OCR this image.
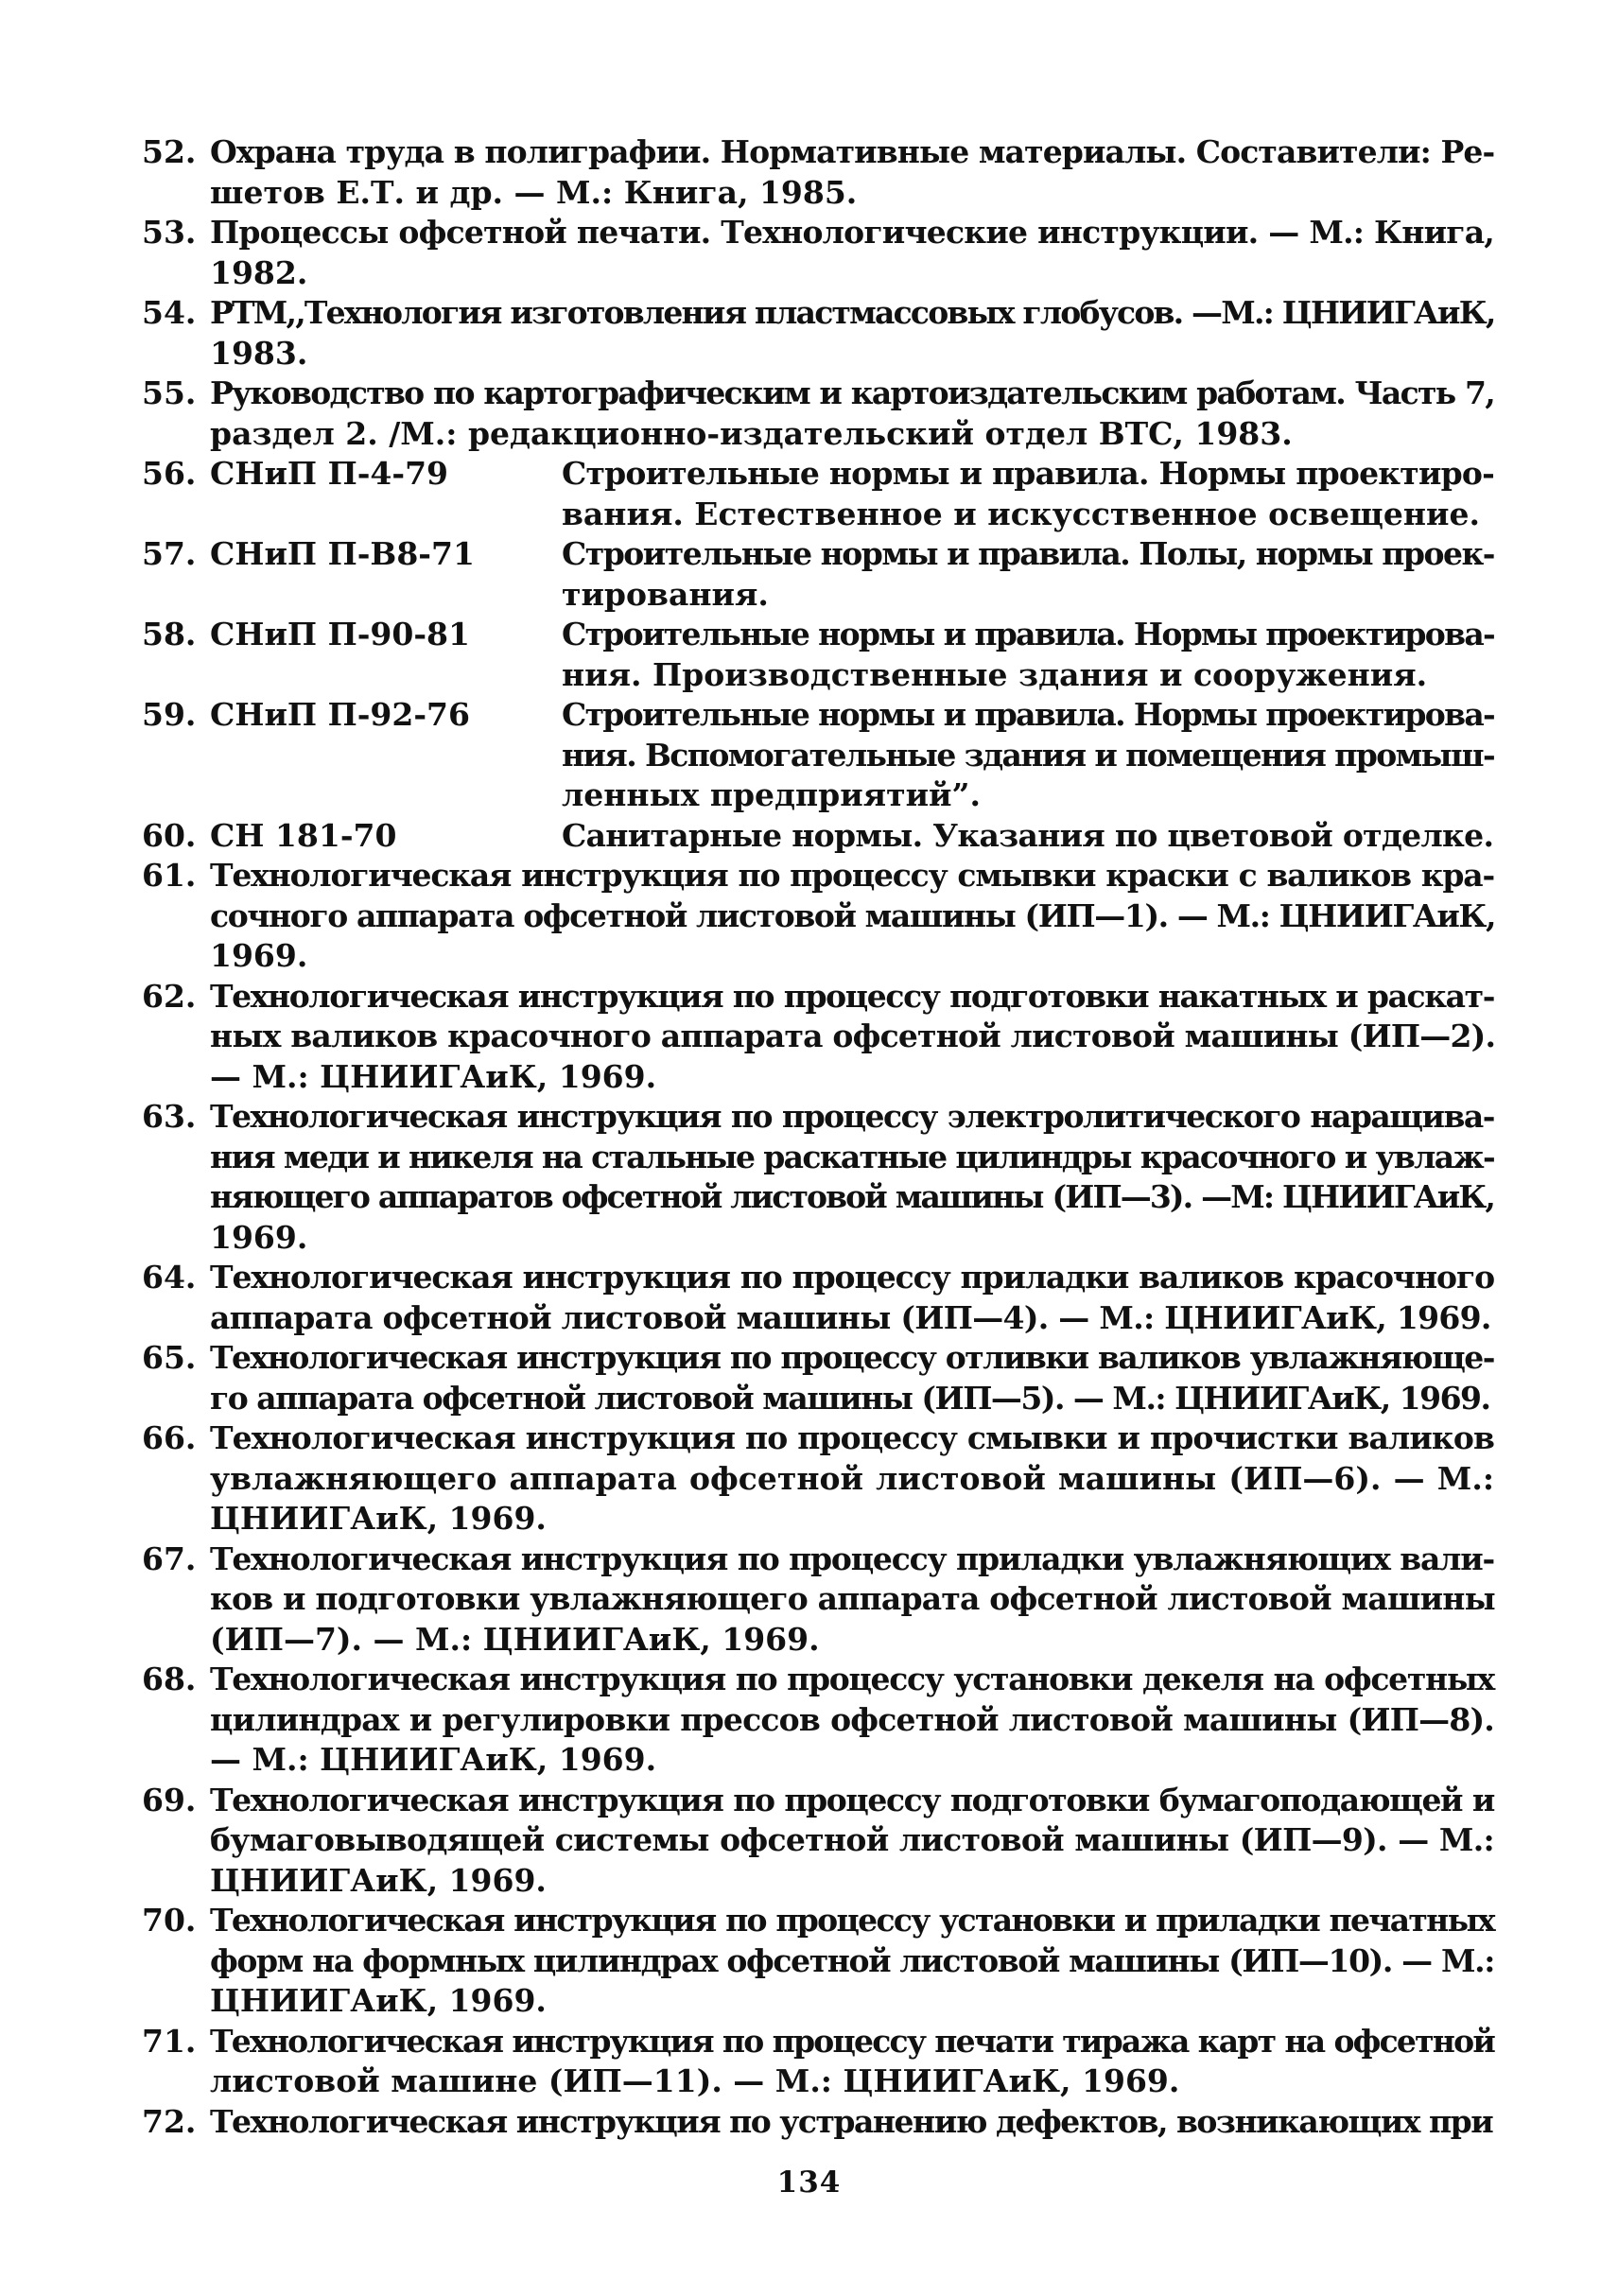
52. Охрана труда в полиграфии. Нормативные материалы. Составители: Ре-
шетов Е.Т. и др. — М.: Книга, 1985.
53. Процессы офсетной печати. Технологические инструкции. — М.: Книга,
1982.
54. РТМ,,Технология изготовления пластмассовых глобусов. —М.: ЦНИИГАиК,
1983.
55. Руководство по картографическим и картоиздательским работам. Часть 7,
раздел 2. /М.: редакционно-издательский отдел ВТС, 1983.
56. СНиП П-4-79	Строительные нормы и правила. Нормы проектиро-
вания. Естественное и искусственное освещение.
57. СНиП П-В8-71	Строительные нормы и правила. Полы, нормы проек-
тирования.
58. СНиП П-90-81	Строительные нормы и правила. Нормы проектирова-
ния. Производственные здания и сооружения.
59. СНиП П-92-76	Строительные нормы и правила. Нормы проектирова-
ния. Вспомогательные здания и помещения промыш-
ленных предприятий”.
60. СН 181-70	Санитарные нормы. Указания по цветовой отделке.
61. Технологическая инструкция по процессу смывки краски с валиков кра-
сочного аппарата офсетной листовой машины (ИП—1). — М.: ЦНИИГАиК,
1969.
62. Технологическая инструкция по процессу подготовки накатных и раскат-
ных валиков красочного аппарата офсетной листовой машины (ИП—2).
— М.: ЦНИИГАиК, 1969.
63. Технологическая инструкция по процессу электролитического наращива-
ния меди и никеля на стальные раскатные цилиндры красочного и увлаж-
няющего аппаратов офсетной листовой машины (ИП—3). —М: ЦНИИГАиК,
1969.
64. Технологическая инструкция по процессу приладки валиков красочного
аппарата офсетной листовой машины (ИП—4). — М.: ЦНИИГАиК, 1969.
65. Технологическая инструкция по процессу отливки валиков увлажняюще-
го аппарата офсетной листовой машины (ИП—5). — М.: ЦНИИГАиК, 1969.
66. Технологическая инструкция по процессу смывки и прочистки валиков
увлажняющего аппарата офсетной листовой машины (ИП—6). — М.:
ЦНИИГАиК, 1969.
67. Технологическая инструкция по процессу приладки увлажняющих вали-
ков и подготовки увлажняющего аппарата офсетной листовой машины
(ИП—7). — М.: ЦНИИГАиК, 1969.
68. Технологическая инструкция по процессу установки декеля на офсетных
цилиндрах и регулировки прессов офсетной листовой машины (ИП—8).
— М.: ЦНИИГАиК, 1969.
69. Технологическая инструкция по процессу подготовки бумагоподающей и
бумаговыводящей системы офсетной листовой машины (ИП—9). — М.:
ЦНИИГАиК, 1969.
70. Технологическая инструкция по процессу установки и приладки печатных
форм на формных цилиндрах офсетной листовой машины (ИП—10). — М.:
ЦНИИГАиК, 1969.
71. Технологическая инструкция по процессу печати тиража карт на офсетной
листовой машине (ИП—11). — М.: ЦНИИГАиК, 1969.
72. Технологическая инструкция по устранению дефектов, возникающих при
134
